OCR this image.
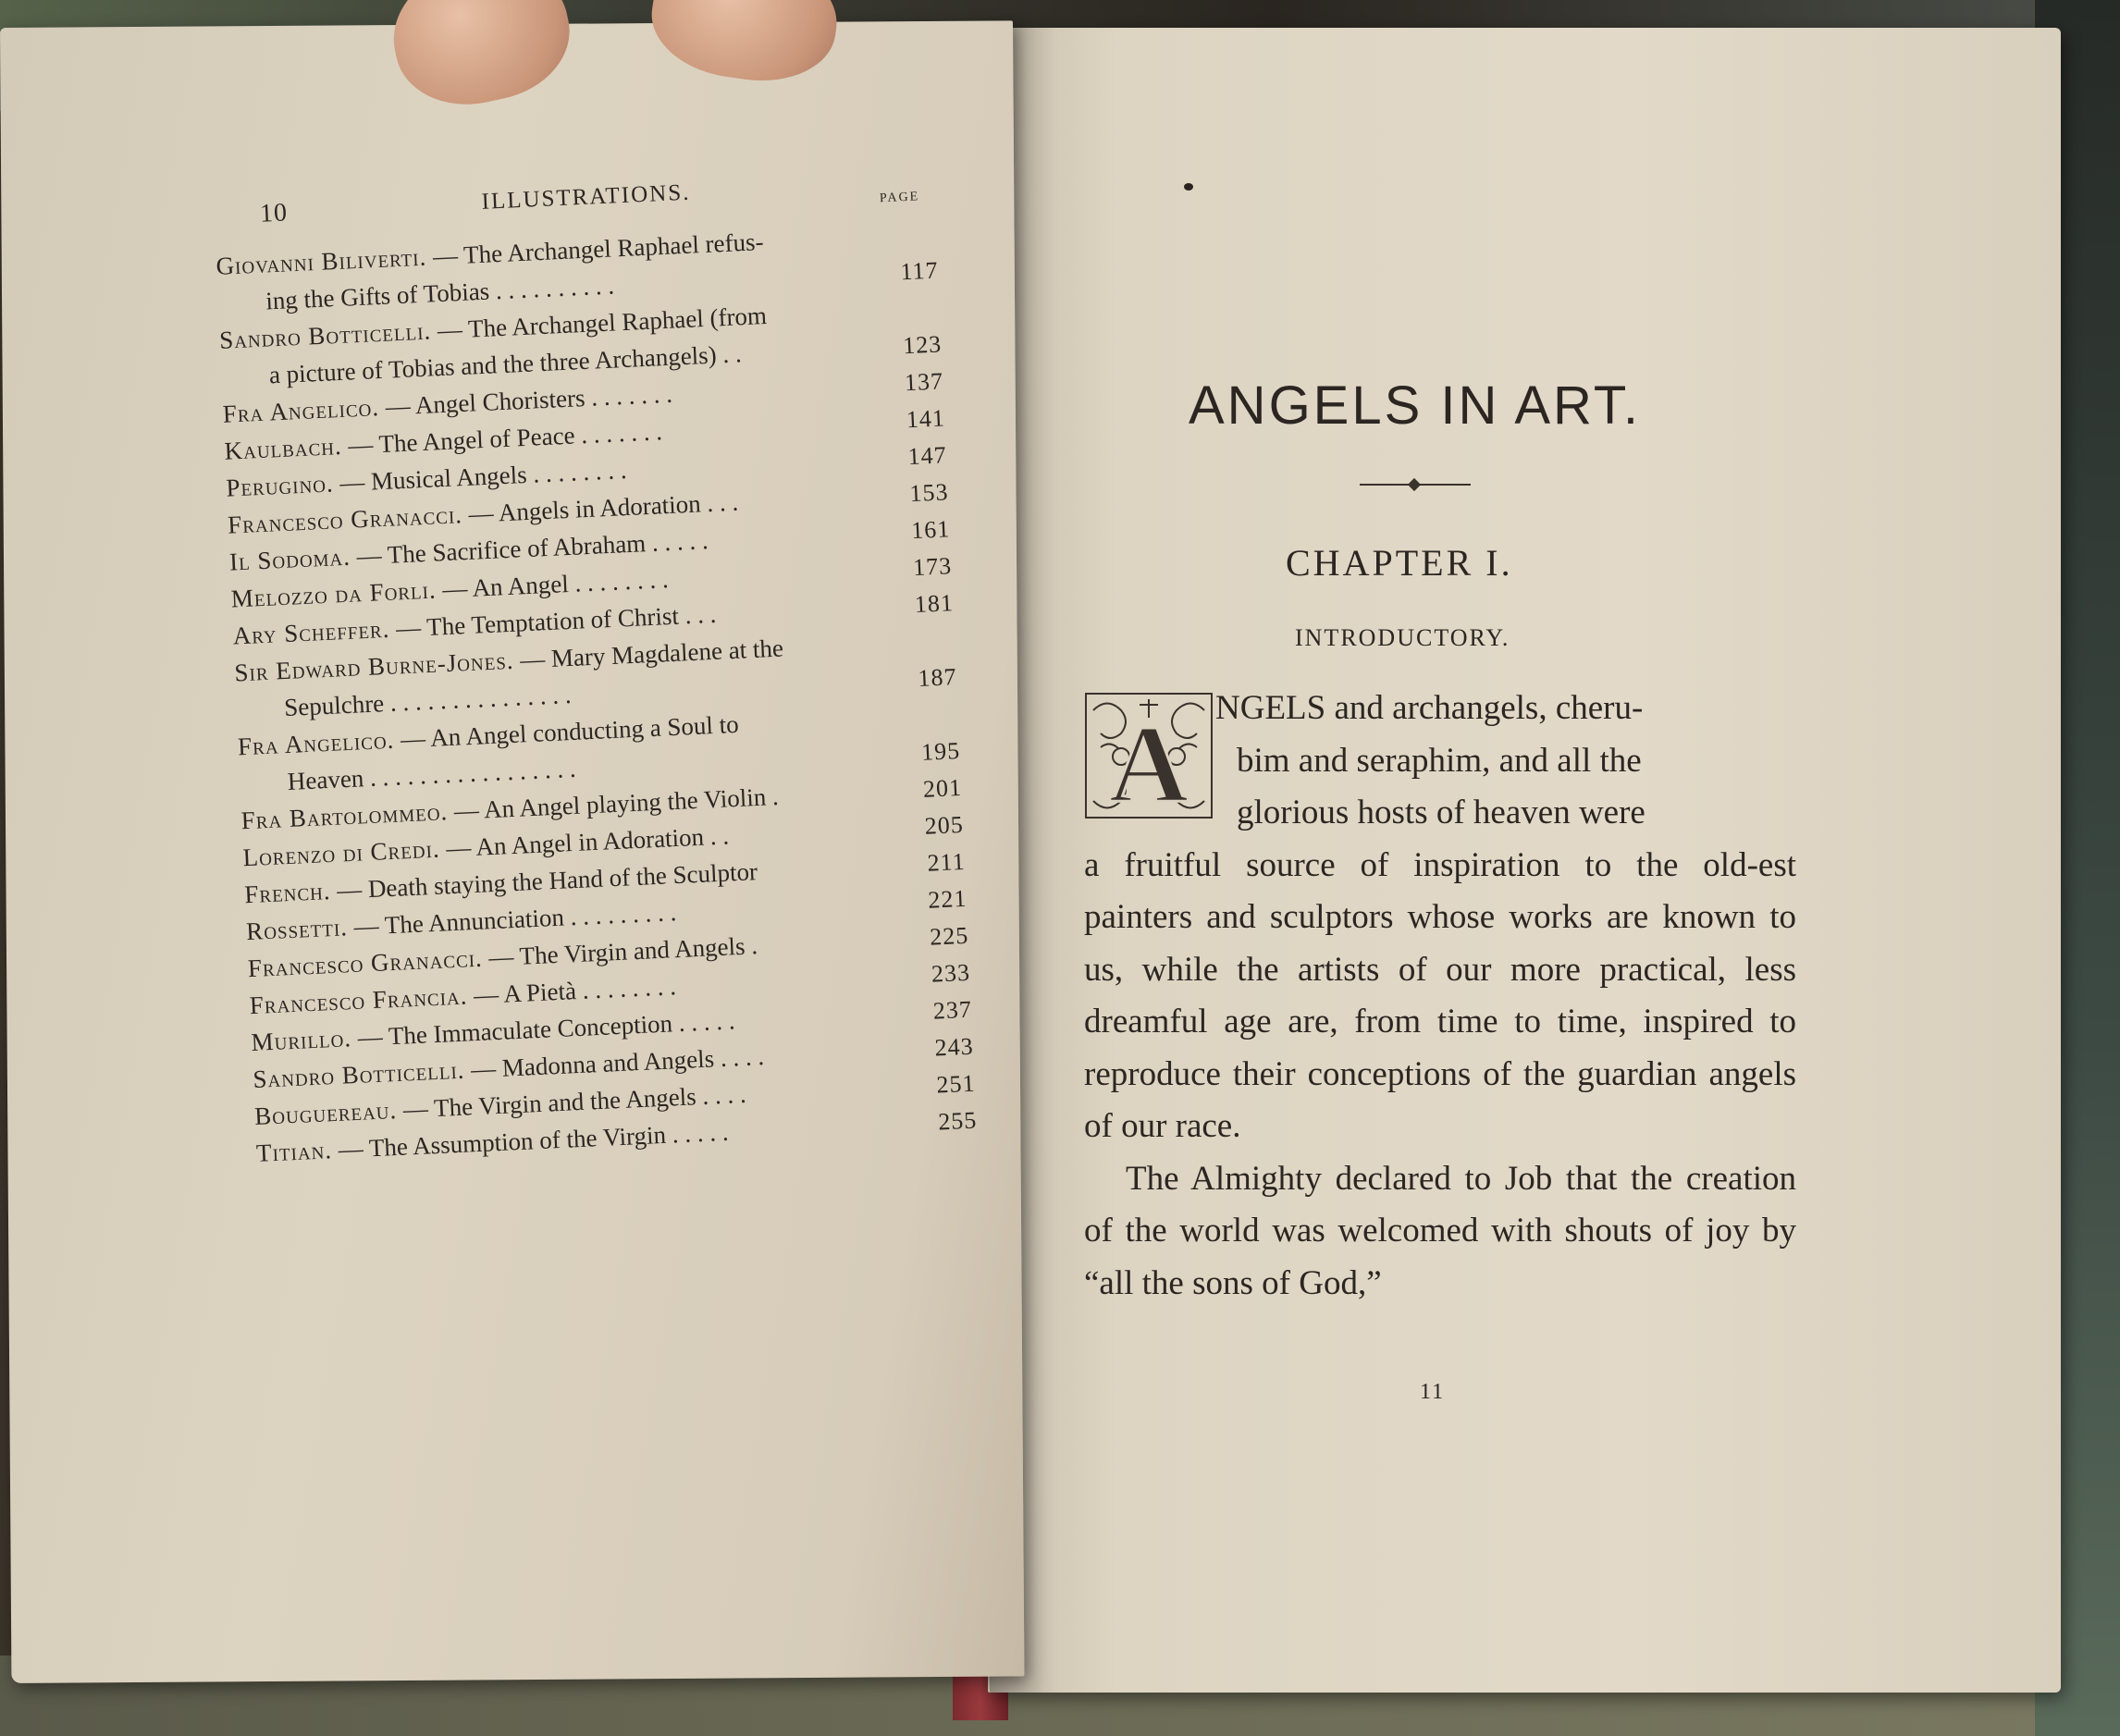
ANGELS IN ART.
CHAPTER I.
INTRODUCTORY.
A NGELS and archangels, cheru-

bim and seraphim, and all the

glorious hosts of heaven were

a fruitful source of inspiration to the old-est painters and sculptors whose works are known to us, while the artists of our more practical, less dreamful age are, from time to time, inspired to reproduce their conceptions of the guardian angels of our race.

The Almighty declared to Job that the creation of the world was welcomed with shouts of joy by “all the sons of God,”

11
10	ILLUSTRATIONS.	PAGE
Giovanni Biliverti. — The Archangel Raphael refus-
ing the Gifts of Tobias . . . . . . . . . .
117
Sandro Botticelli. — The Archangel Raphael (from
a picture of Tobias and the three Archangels) . .	123
Fra Angelico. — Angel Choristers . . . . . . .	137
Kaulbach. — The Angel of Peace . . . . . . .	141
Perugino. — Musical Angels . . . . . . . .
147
Francesco Granacci. — Angels in Adoration . . .	153
Il Sodoma. — The Sacrifice of Abraham . . . . .	161
Melozzo da Forli. — An Angel . . . . . . . .	173
Ary Scheffer. — The Temptation of Christ . . .	181
Sir Edward Burne-Jones. — Mary Magdalene at the
Sepulchre . . . . . . . . . . . . . . .
187
Fra Angelico. — An Angel conducting a Soul to
Heaven . . . . . . . . . . . . . . . . .
195
Fra Bartolommeo. — An Angel playing the Violin .	201
Lorenzo di Credi. — An Angel in Adoration . .	205
French. — Death staying the Hand of the Sculptor	211
Rossetti. — The Annunciation . . . . . . . . .	221
Francesco Granacci. — The Virgin and Angels .	225
Francesco Francia. — A Pietà . . . . . . . .	233
Murillo. — The Immaculate Conception . . . . .	237
Sandro Botticelli. — Madonna and Angels . . . .	243
Bouguereau. — The Virgin and the Angels . . . .	251
Titian. — The Assumption of the Virgin . . . . .	255
